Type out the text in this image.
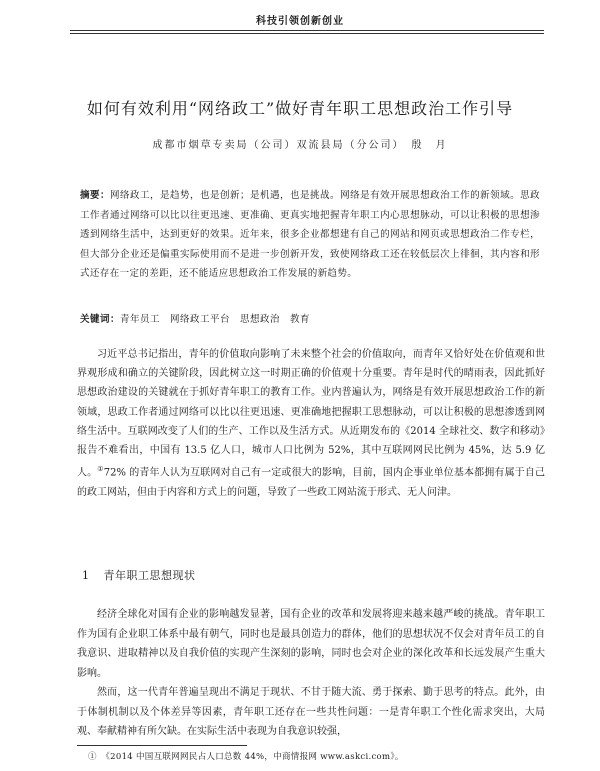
科技引领创新创业
如何有效利用“网络政工”做好青年职工思想政治工作引导
成都市烟草专卖局（公司）双流县局（分公司）　殷　月
摘要：网络政工，是趋势，也是创新；是机遇，也是挑战。网络是有效开展思想政治工作的新领域。思政工作者通过网络可以比以往更迅速、更准确、更真实地把握青年职工内心思想脉动，可以让积极的思想渗透到网络生活中，达到更好的效果。近年来，很多企业都想建有自己的网站和网页或思想政治二作专栏，但大部分企业还是偏重实际使用而不是进一步创新开发，致使网络政工还在较低层次上徘徊，其内容和形式还存在一定的差距，还不能适应思想政治工作发展的新趋势。
关键词：青年员工　网络政工平台　思想政治　教育

习近平总书记指出，青年的价值取向影响了未来整个社会的价值取向，而青年又恰好处在价值观和世界观形成和确立的关键阶段，因此树立这一时期正确的价值观十分重要。青年是时代的晴雨表，因此抓好思想政治建设的关键就在于抓好青年职工的教育工作。业内普遍认为，网络是有效开展思想政治工作的新领域，思政工作者通过网络可以比以往更迅速、更准确地把握职工思想脉动，可以让积极的思想渗透到网络生活中。互联网改变了人们的生产、工作以及生活方式。从近期发布的《2014 全球社交、数字和移动》报告不难看出，中国有 13.5 亿人口，城市人口比例为 52%，其中互联网网民比例为 45%，达 5.9 亿人。①72% 的青年人认为互联网对自己有一定或很大的影响，目前，国内企事业单位基本都拥有属于自己的政工网站，但由于内容和方式上的问题，导致了一些政工网站流于形式、无人问津。

1 青年职工思想现状

经济全球化对国有企业的影响越发显著，国有企业的改革和发展将迎来越来越严峻的挑战。青年职工作为国有企业职工体系中最有朝气，同时也是最具创造力的群体，他们的思想状况不仅会对青年员工的自我意识、进取精神以及自我价值的实现产生深刻的影响，同时也会对企业的深化改革和长远发展产生重大影响。

然而，这一代青年普遍呈现出不满足于现状、不甘于随大流、勇于探索、勤于思考的特点。此外，由于体制机制以及个体差异等因素，青年职工还存在一些共性问题：一是青年职工个性化需求突出，大局观、奉献精神有所欠缺。在实际生活中表现为自我意识较强，

①　 《2014 中国互联网网民占人口总数 44%，中商情报网 www.askci.com》。
